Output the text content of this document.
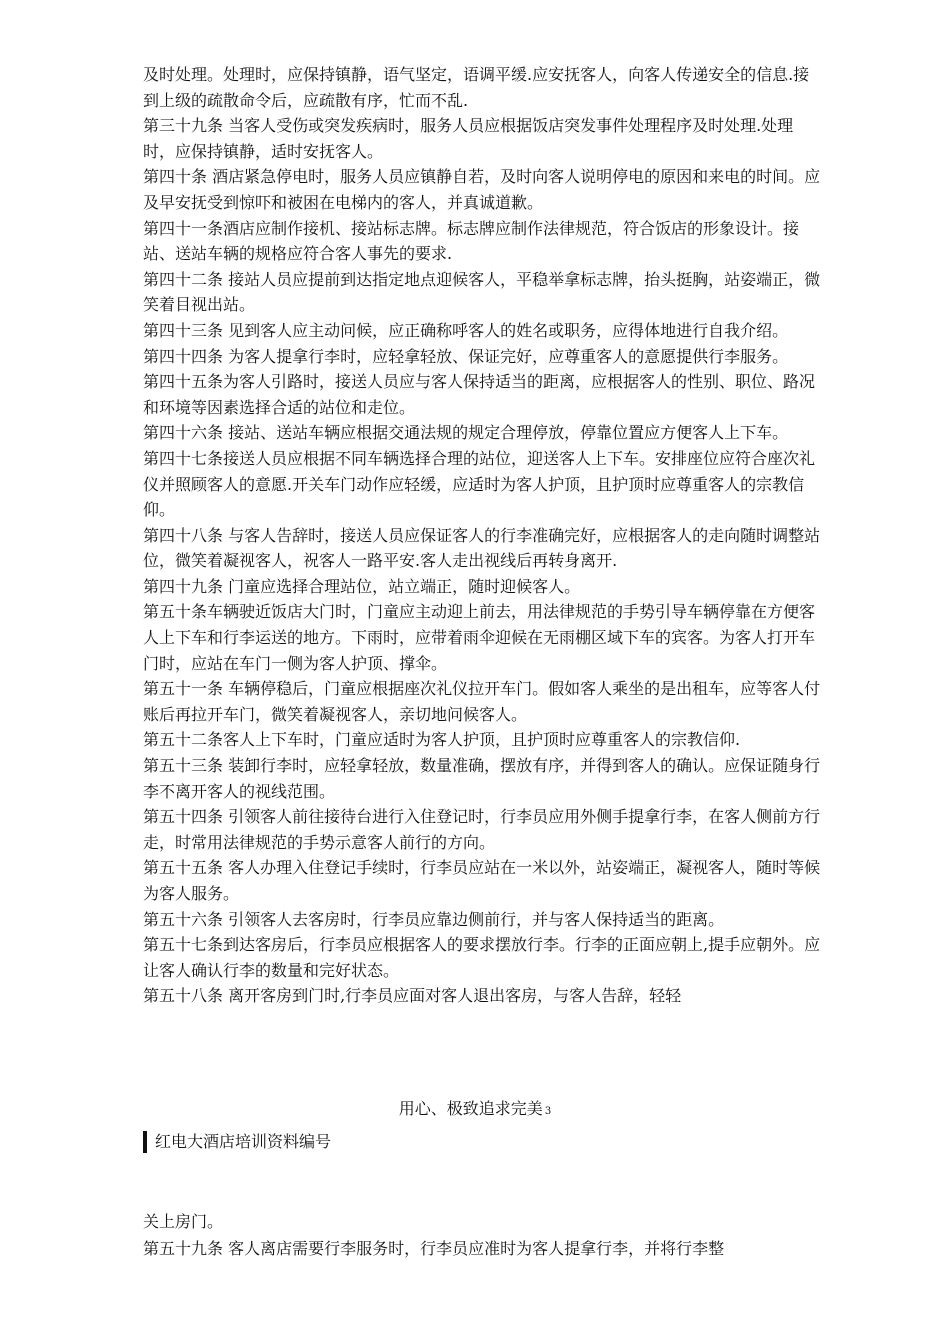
及时处理。处理时，应保持镇静，语气坚定，语调平缓.应安抚客人，向客人传递安全的信息.接到上级的疏散命令后，应疏散有序，忙而不乱.

第三十九条 当客人受伤或突发疾病时，服务人员应根据饭店突发事件处理程序及时处理.处理时，应保持镇静，适时安抚客人。

第四十条 酒店紧急停电时，服务人员应镇静自若，及时向客人说明停电的原因和来电的时间。应及早安抚受到惊吓和被困在电梯内的客人，并真诚道歉。

第四十一条酒店应制作接机、接站标志牌。标志牌应制作法律规范，符合饭店的形象设计。接站、送站车辆的规格应符合客人事先的要求.

第四十二条 接站人员应提前到达指定地点迎候客人，平稳举拿标志牌，抬头挺胸，站姿端正，微笑着目视出站。

第四十三条 见到客人应主动问候，应正确称呼客人的姓名或职务，应得体地进行自我介绍。

第四十四条 为客人提拿行李时，应轻拿轻放、保证完好，应尊重客人的意愿提供行李服务。

第四十五条为客人引路时，接送人员应与客人保持适当的距离，应根据客人的性别、职位、路况和环境等因素选择合适的站位和走位。

第四十六条 接站、送站车辆应根据交通法规的规定合理停放，停靠位置应方便客人上下车。

第四十七条接送人员应根据不同车辆选择合理的站位，迎送客人上下车。安排座位应符合座次礼仪并照顾客人的意愿.开关车门动作应轻缓，应适时为客人护顶，且护顶时应尊重客人的宗教信仰。

第四十八条 与客人告辞时，接送人员应保证客人的行李准确完好，应根据客人的走向随时调整站位，微笑着凝视客人，祝客人一路平安.客人走出视线后再转身离开.

第四十九条 门童应选择合理站位，站立端正，随时迎候客人。

第五十条车辆驶近饭店大门时，门童应主动迎上前去，用法律规范的手势引导车辆停靠在方便客人上下车和行李运送的地方。下雨时，应带着雨伞迎候在无雨棚区域下车的宾客。为客人打开车门时，应站在车门一侧为客人护顶、撑伞。

第五十一条 车辆停稳后，门童应根据座次礼仪拉开车门。假如客人乘坐的是出租车，应等客人付账后再拉开车门，微笑着凝视客人，亲切地问候客人。

第五十二条客人上下车时，门童应适时为客人护顶，且护顶时应尊重客人的宗教信仰.

第五十三条 装卸行李时，应轻拿轻放，数量准确，摆放有序，并得到客人的确认。应保证随身行李不离开客人的视线范围。

第五十四条 引领客人前往接待台进行入住登记时，行李员应用外侧手提拿行李，在客人侧前方行走，时常用法律规范的手势示意客人前行的方向。

第五十五条 客人办理入住登记手续时，行李员应站在一米以外，站姿端正，凝视客人，随时等候为客人服务。

第五十六条 引领客人去客房时，行李员应靠边侧前行，并与客人保持适当的距离。

第五十七条到达客房后，行李员应根据客人的要求摆放行李。行李的正面应朝上,提手应朝外。应让客人确认行李的数量和完好状态。

第五十八条 离开客房到门时,行李员应面对客人退出客房，与客人告辞，轻轻

用心、极致追求完美 3
红电大酒店培训资料编号

关上房门。

第五十九条 客人离店需要行李服务时，行李员应准时为客人提拿行李，并将行李整
